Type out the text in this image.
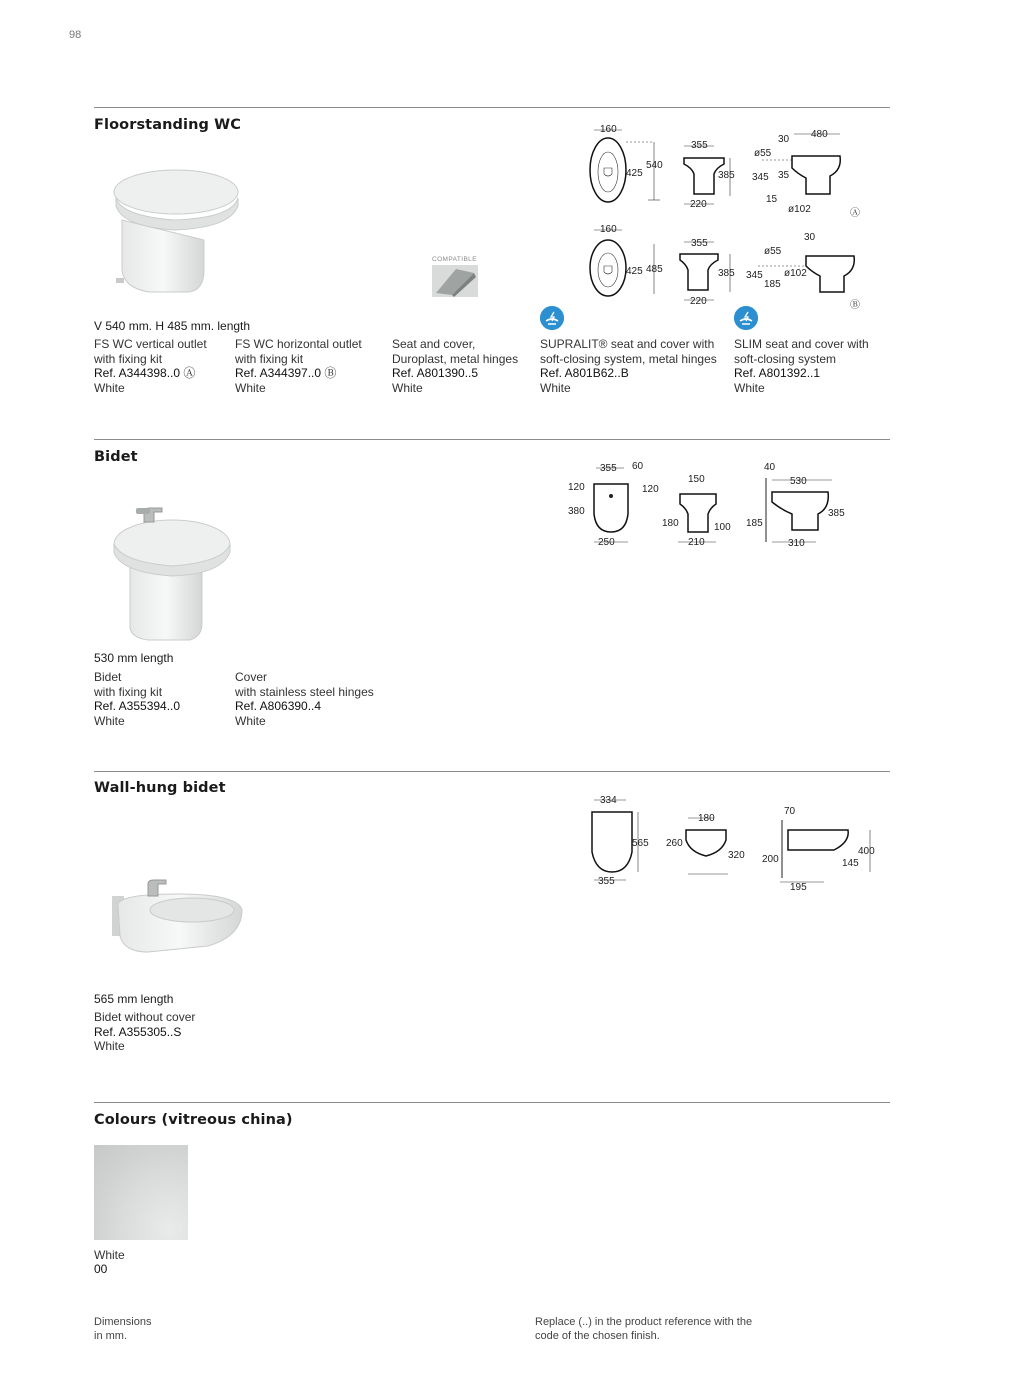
98
Floorstanding WC
COMPATIBLE
160
425
540
355
385
220
30 480
ø55
345 35
15
ø102	Ⓐ
160
425 485
355
385
220
30
ø55
345 ø102
185
Ⓑ
V 540 mm. H 485 mm. length
FS WC vertical outlet
with fixing kit
Ref. A344398..0 Ⓐ
White
FS WC horizontal outlet
with fixing kit
Ref. A344397..0 Ⓑ
White
Seat and cover,
Duroplast, metal hinges
Ref. A801390..5
White
SUPRALIT® seat and cover with
soft-closing system, metal hinges
Ref. A801B62..B
White
SLIM seat and cover with
soft-closing system
Ref. A801392..1
White
Bidet
355 60
120	120
380
250
150
180	100
210
40
530
385
185
310
530 mm length
Bidet
with fixing kit
Ref. A355394..0
White
Cover
with stainless steel hinges
Ref. A806390..4
White
Wall-hung bidet
334
565
355
180
260
320
70
400
200	145
195
565 mm length
Bidet without cover
Ref. A355305..S
White
Colours (vitreous china)
White
00
Dimensions
in mm.
Replace (..) in the product reference with the
code of the chosen finish.
